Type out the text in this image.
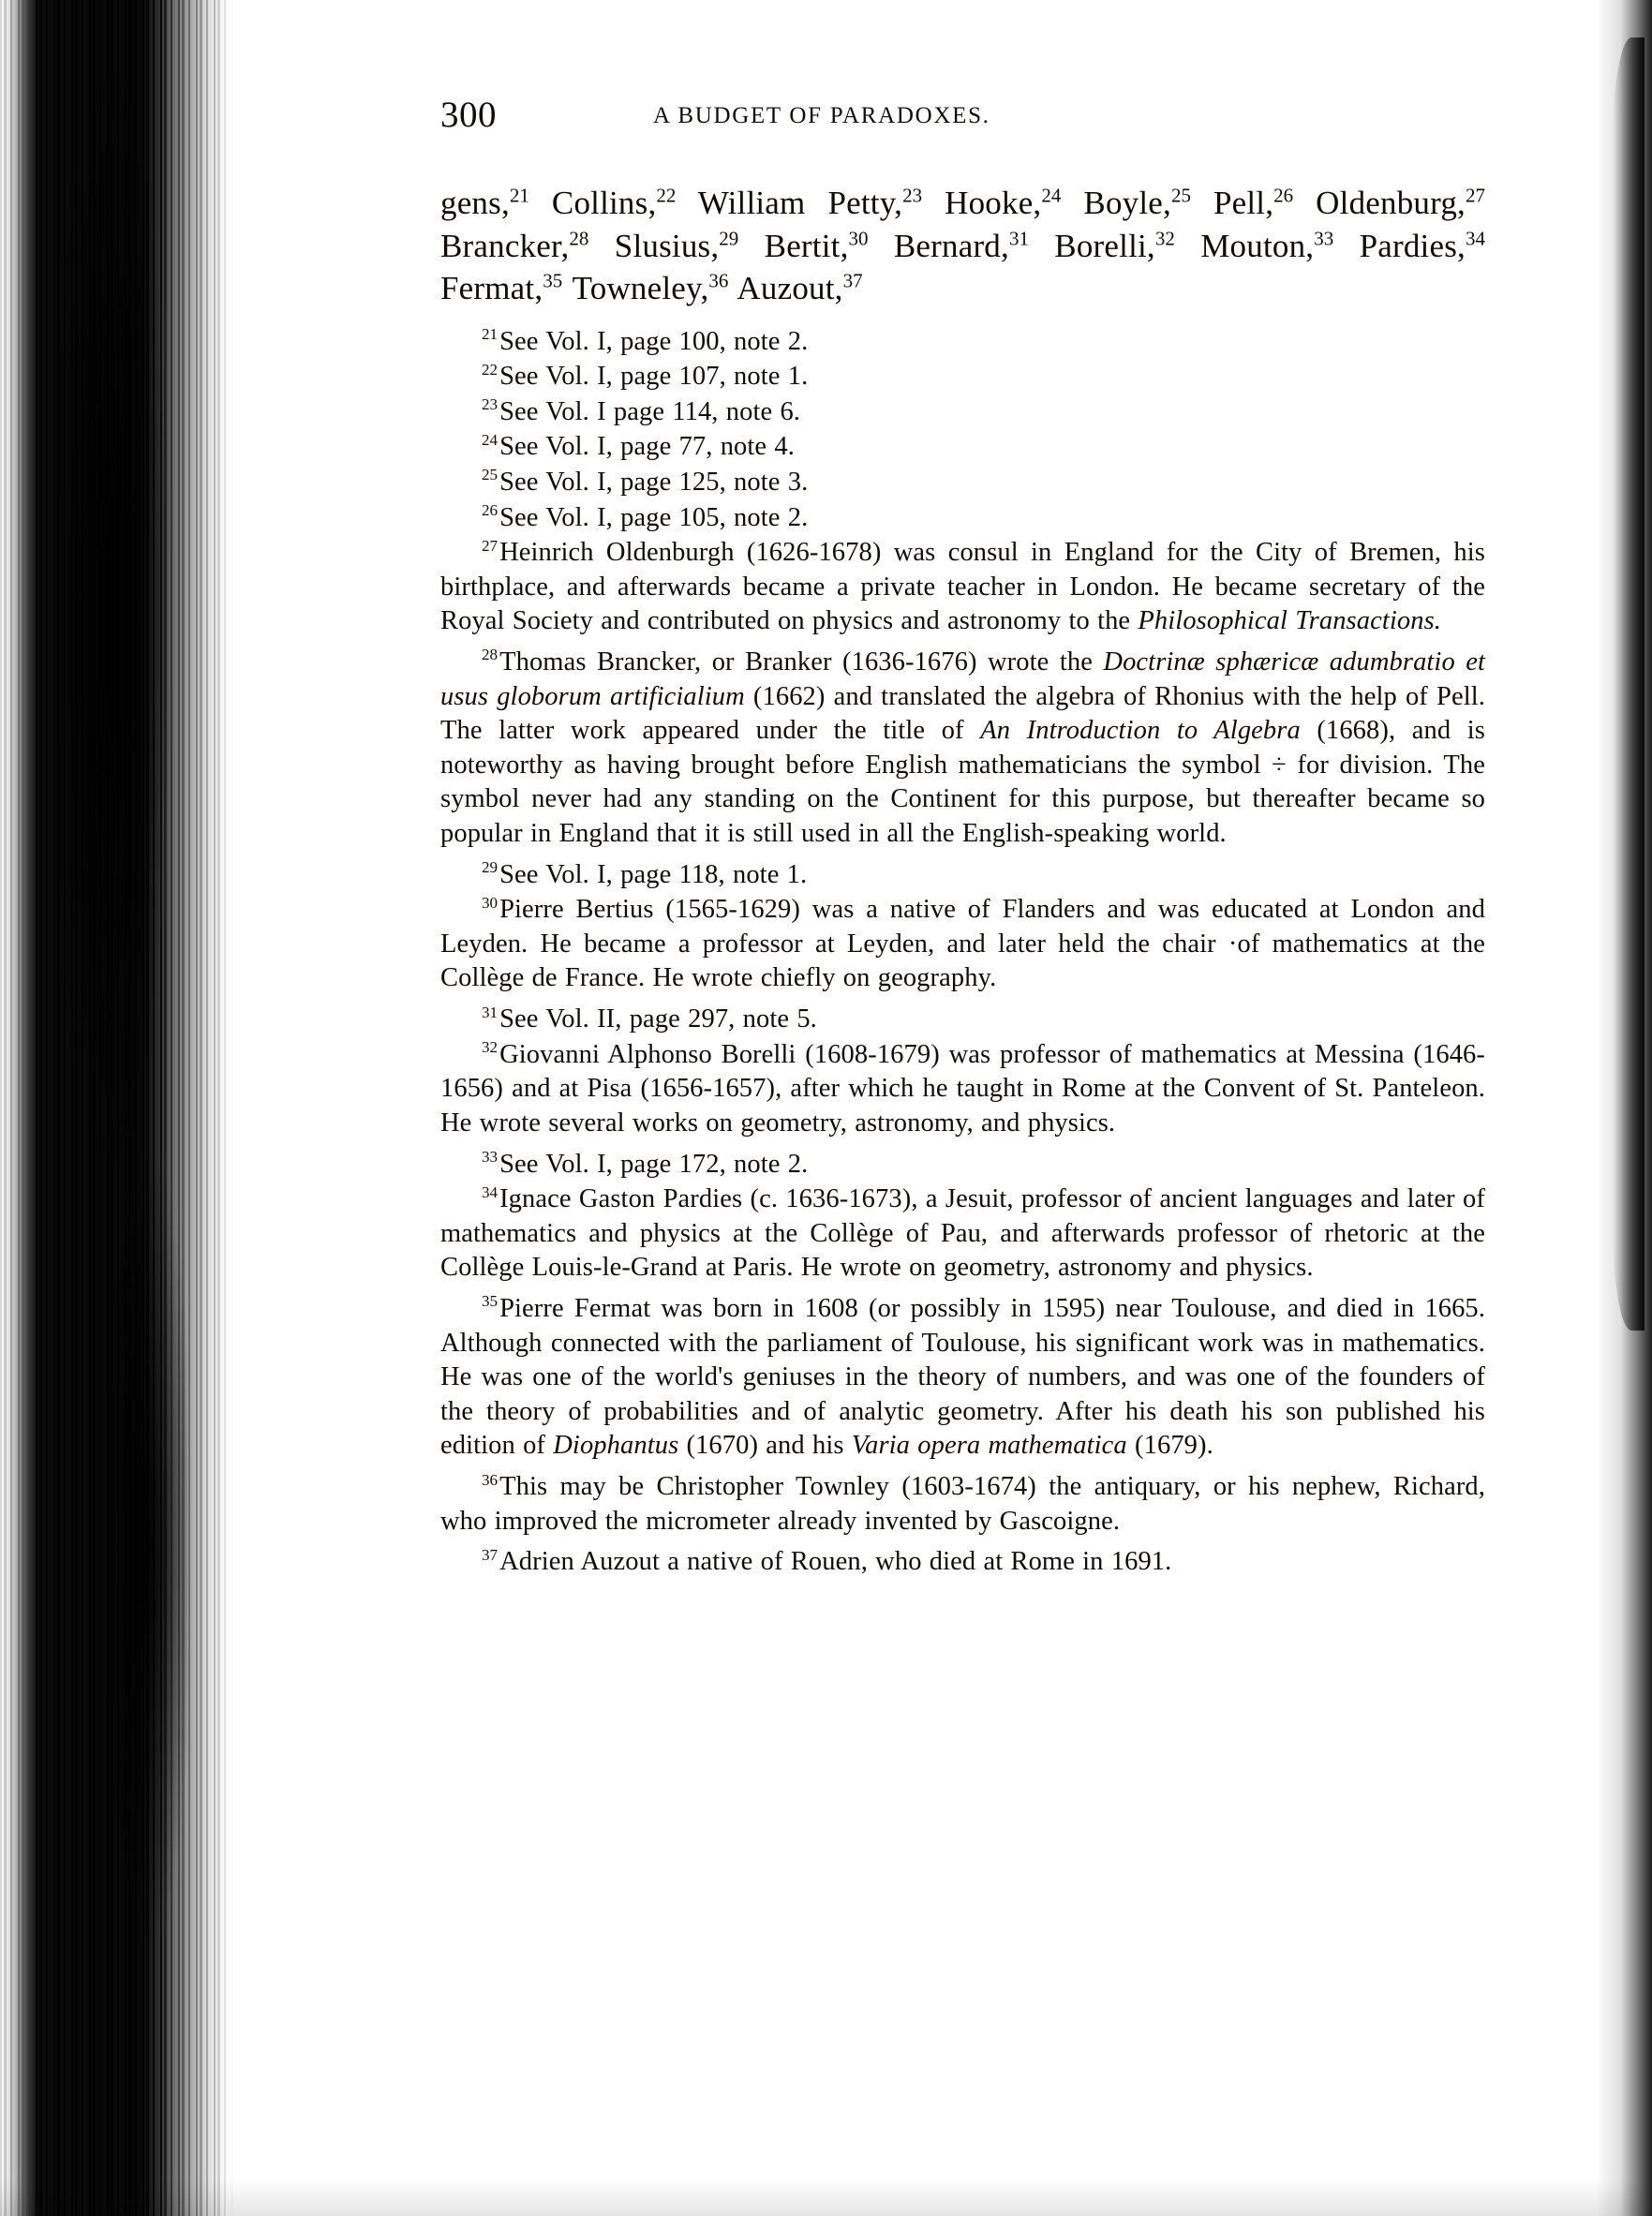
300	A BUDGET OF PARADOXES.

gens,$^{21}$ Collins,$^{22}$ William Petty,$^{23}$ Hooke,$^{24}$ Boyle,$^{25}$ Pell,$^{26}$ Oldenburg,$^{27}$ Brancker,$^{28}$ Slusius,$^{29}$ Bertit,$^{30}$ Bernard,$^{31}$ Borelli,$^{32}$ Mouton,$^{33}$ Pardies,$^{34}$ Fermat,$^{35}$ Towneley,$^{36}$ Auzout,$^{37}$

$^{21}$See Vol. I, page 100, note 2.

$^{22}$See Vol. I, page 107, note 1.

$^{23}$See Vol. I page 114, note 6.

$^{24}$See Vol. I, page 77, note 4.

$^{25}$See Vol. I, page 125, note 3.

$^{26}$See Vol. I, page 105, note 2.

$^{27}$Heinrich Oldenburgh (1626-1678) was consul in England for the City of Bremen, his birthplace, and afterwards became a private teacher in London. He became secretary of the Royal Society and contributed on physics and astronomy to the Philosophical Transactions.

$^{28}$Thomas Brancker, or Branker (1636-1676) wrote the Doctrinæ sphæricæ adumbratio et usus globorum artificialium (1662) and translated the algebra of Rhonius with the help of Pell. The latter work appeared under the title of An Introduction to Algebra (1668), and is noteworthy as having brought before English mathematicians the symbol ÷ for division. The symbol never had any standing on the Continent for this purpose, but thereafter became so popular in England that it is still used in all the English-speaking world.

$^{29}$See Vol. I, page 118, note 1.

$^{30}$Pierre Bertius (1565-1629) was a native of Flanders and was educated at London and Leyden. He became a professor at Leyden, and later held the chair ·of mathematics at the Collège de France. He wrote chiefly on geography.

$^{31}$See Vol. II, page 297, note 5.

$^{32}$Giovanni Alphonso Borelli (1608-1679) was professor of mathematics at Messina (1646-1656) and at Pisa (1656-1657), after which he taught in Rome at the Convent of St. Panteleon. He wrote several works on geometry, astronomy, and physics.

$^{33}$See Vol. I, page 172, note 2.

$^{34}$Ignace Gaston Pardies (c. 1636-1673), a Jesuit, professor of ancient languages and later of mathematics and physics at the Collège of Pau, and afterwards professor of rhetoric at the Collège Louis-le-Grand at Paris. He wrote on geometry, astronomy and physics.

$^{35}$Pierre Fermat was born in 1608 (or possibly in 1595) near Toulouse, and died in 1665. Although connected with the parliament of Toulouse, his significant work was in mathematics. He was one of the world's geniuses in the theory of numbers, and was one of the founders of the theory of probabilities and of analytic geometry. After his death his son published his edition of Diophantus (1670) and his Varia opera mathematica (1679).

$^{36}$This may be Christopher Townley (1603-1674) the antiquary, or his nephew, Richard, who improved the micrometer already invented by Gascoigne.

$^{37}$Adrien Auzout a native of Rouen, who died at Rome in 1691.
